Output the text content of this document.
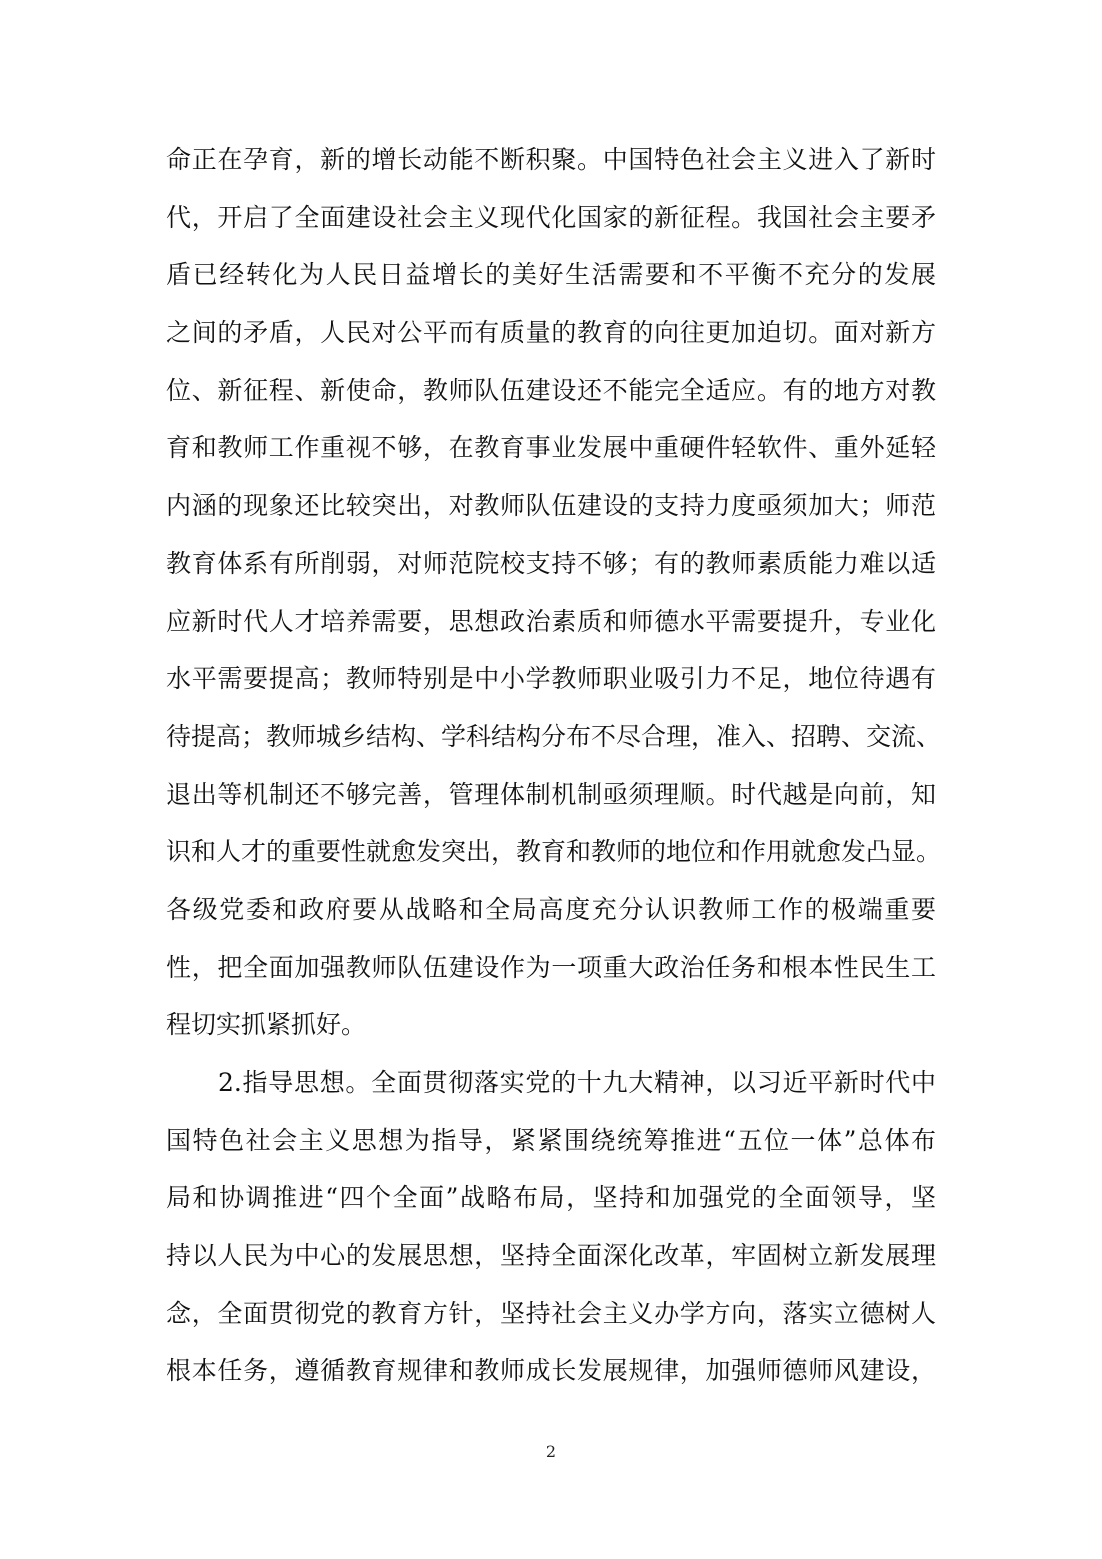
命正在孕育，新的增长动能不断积聚。中国特色社会主义进入了新时
代，开启了全面建设社会主义现代化国家的新征程。我国社会主要矛
盾已经转化为人民日益增长的美好生活需要和不平衡不充分的发展
之间的矛盾，人民对公平而有质量的教育的向往更加迫切。面对新方
位、新征程、新使命，教师队伍建设还不能完全适应。有的地方对教
育和教师工作重视不够，在教育事业发展中重硬件轻软件、重外延轻
内涵的现象还比较突出，对教师队伍建设的支持力度亟须加大；师范
教育体系有所削弱，对师范院校支持不够；有的教师素质能力难以适
应新时代人才培养需要，思想政治素质和师德水平需要提升，专业化
水平需要提高；教师特别是中小学教师职业吸引力不足，地位待遇有
待提高；教师城乡结构、学科结构分布不尽合理，准入、招聘、交流、
退出等机制还不够完善，管理体制机制亟须理顺。时代越是向前，知
识和人才的重要性就愈发突出，教育和教师的地位和作用就愈发凸显。
各级党委和政府要从战略和全局高度充分认识教师工作的极端重要
性，把全面加强教师队伍建设作为一项重大政治任务和根本性民生工
程切实抓紧抓好。
2.指导思想。全面贯彻落实党的十九大精神，以习近平新时代中
国特色社会主义思想为指导，紧紧围绕统筹推进“五位一体”总体布
局和协调推进“四个全面”战略布局，坚持和加强党的全面领导，坚
持以人民为中心的发展思想，坚持全面深化改革，牢固树立新发展理
念，全面贯彻党的教育方针，坚持社会主义办学方向，落实立德树人
根本任务，遵循教育规律和教师成长发展规律，加强师德师风建设，
2
